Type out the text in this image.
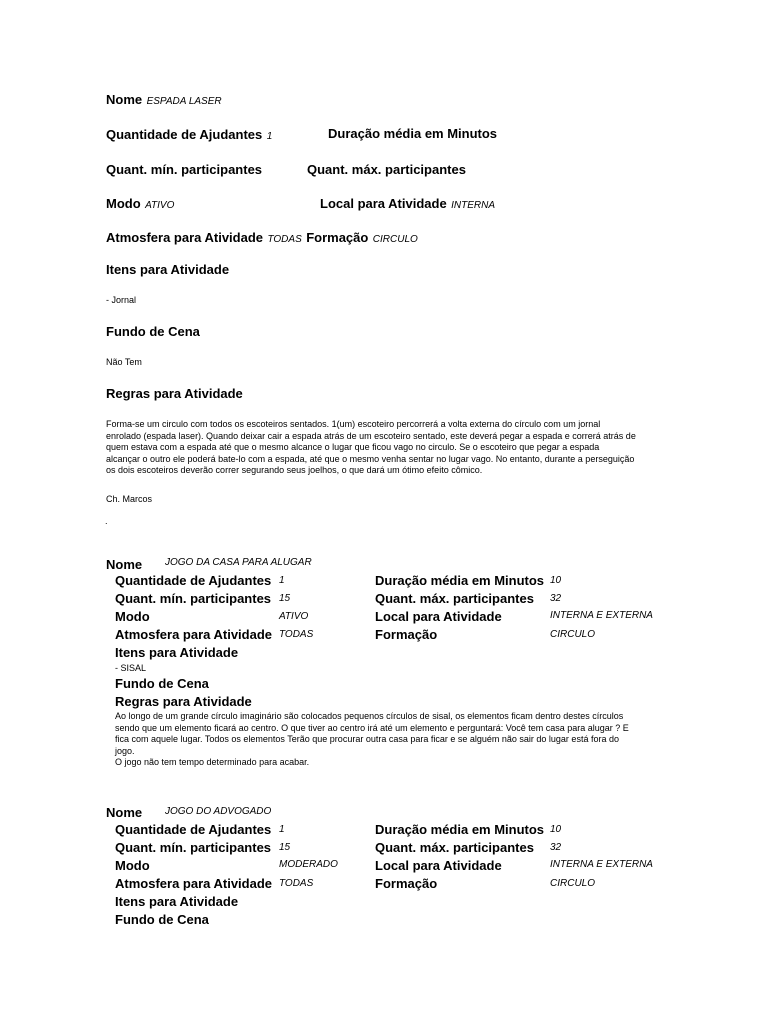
Nome ESPADA LASER
Quantidade de Ajudantes 1	Duração média em Minutos
Quant. mín. participantes	Quant. máx. participantes
Modo ATIVO	Local para Atividade INTERNA
Atmosfera para Atividade TODAS Formação CIRCULO
Itens para Atividade
- Jornal
Fundo de Cena
Não Tem
Regras para Atividade
Forma-se um circulo com todos os escoteiros sentados. 1(um) escoteiro percorrerá a volta externa do círculo com um jornal
enrolado (espada laser). Quando deixar cair a espada atrás de um escoteiro sentado, este deverá pegar a espada e correrá atrás de
quem estava com a espada até que o mesmo alcance o lugar que ficou vago no circulo. Se o escoteiro que pegar a espada
alcançar o outro ele poderá bate-lo com a espada, até que o mesmo venha sentar no lugar vago. No entanto, durante a perseguição
os dois escoteiros deverão correr segurando seus joelhos, o que dará um ótimo efeito cômico.
Ch. Marcos
.
Nome JOGO DA CASA PARA ALUGAR
Quantidade de Ajudantes 1	Duração média em Minutos 10
Quant. mín. participantes 15	Quant. máx. participantes 32
Modo	ATIVO	Local para Atividade	INTERNA E EXTERNA
Atmosfera para Atividade TODAS	Formação	CIRCULO
Itens para Atividade
- SISAL
Fundo de Cena
Regras para Atividade
Ao longo de um grande círculo imaginário são colocados pequenos círculos de sisal, os elementos ficam dentro destes círculos
sendo que um elemento ficará ao centro. O que tiver ao centro irá até um elemento e perguntará: Você tem casa para alugar ? E
fica com aquele lugar. Todos os elementos Terão que procurar outra casa para ficar e se alguém não sair do lugar está fora do
jogo.
O jogo não tem tempo determinado para acabar.
Nome JOGO DO ADVOGADO
Quantidade de Ajudantes 1	Duração média em Minutos 10
Quant. mín. participantes 15	Quant. máx. participantes 32
Modo	MODERADO	Local para Atividade	INTERNA E EXTERNA
Atmosfera para Atividade TODAS	Formação	CIRCULO
Itens para Atividade
Fundo de Cena
